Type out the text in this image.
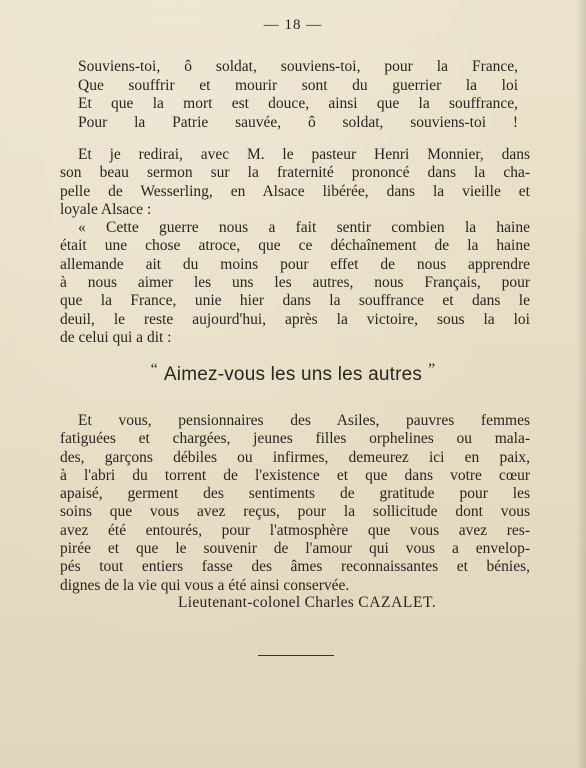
— 18 —
Souviens-toi, ô soldat, souviens-toi, pour la France,
Que souffrir et mourir sont du guerrier la loi
Et que la mort est douce, ainsi que la souffrance,
Pour la Patrie sauvée, ô soldat, souviens-toi !
Et je redirai, avec M. le pasteur Henri Monnier, dans
son beau sermon sur la fraternité prononcé dans la cha-
pelle de Wesserling, en Alsace libérée, dans la vieille et
loyale Alsace :
« Cette guerre nous a fait sentir combien la haine
était une chose atroce, que ce déchaînement de la haine
allemande ait du moins pour effet de nous apprendre
à nous aimer les uns les autres, nous Français, pour
que la France, unie hier dans la souffrance et dans le
deuil, le reste aujourd'hui, après la victoire, sous la loi
de celui qui a dit :
“ Aimez-vous les uns les autres ”
Et vous, pensionnaires des Asiles, pauvres femmes
fatiguées et chargées, jeunes filles orphelines ou mala-
des, garçons débiles ou infirmes, demeurez ici en paix,
à l'abri du torrent de l'existence et que dans votre cœur
apaisé, germent des sentiments de gratitude pour les
soins que vous avez reçus, pour la sollicitude dont vous
avez été entourés, pour l'atmosphère que vous avez res-
pirée et que le souvenir de l'amour qui vous a envelop-
pés tout entiers fasse des âmes reconnaissantes et bénies,
dignes de la vie qui vous a été ainsi conservée.
Lieutenant-colonel Charles CAZALET.
